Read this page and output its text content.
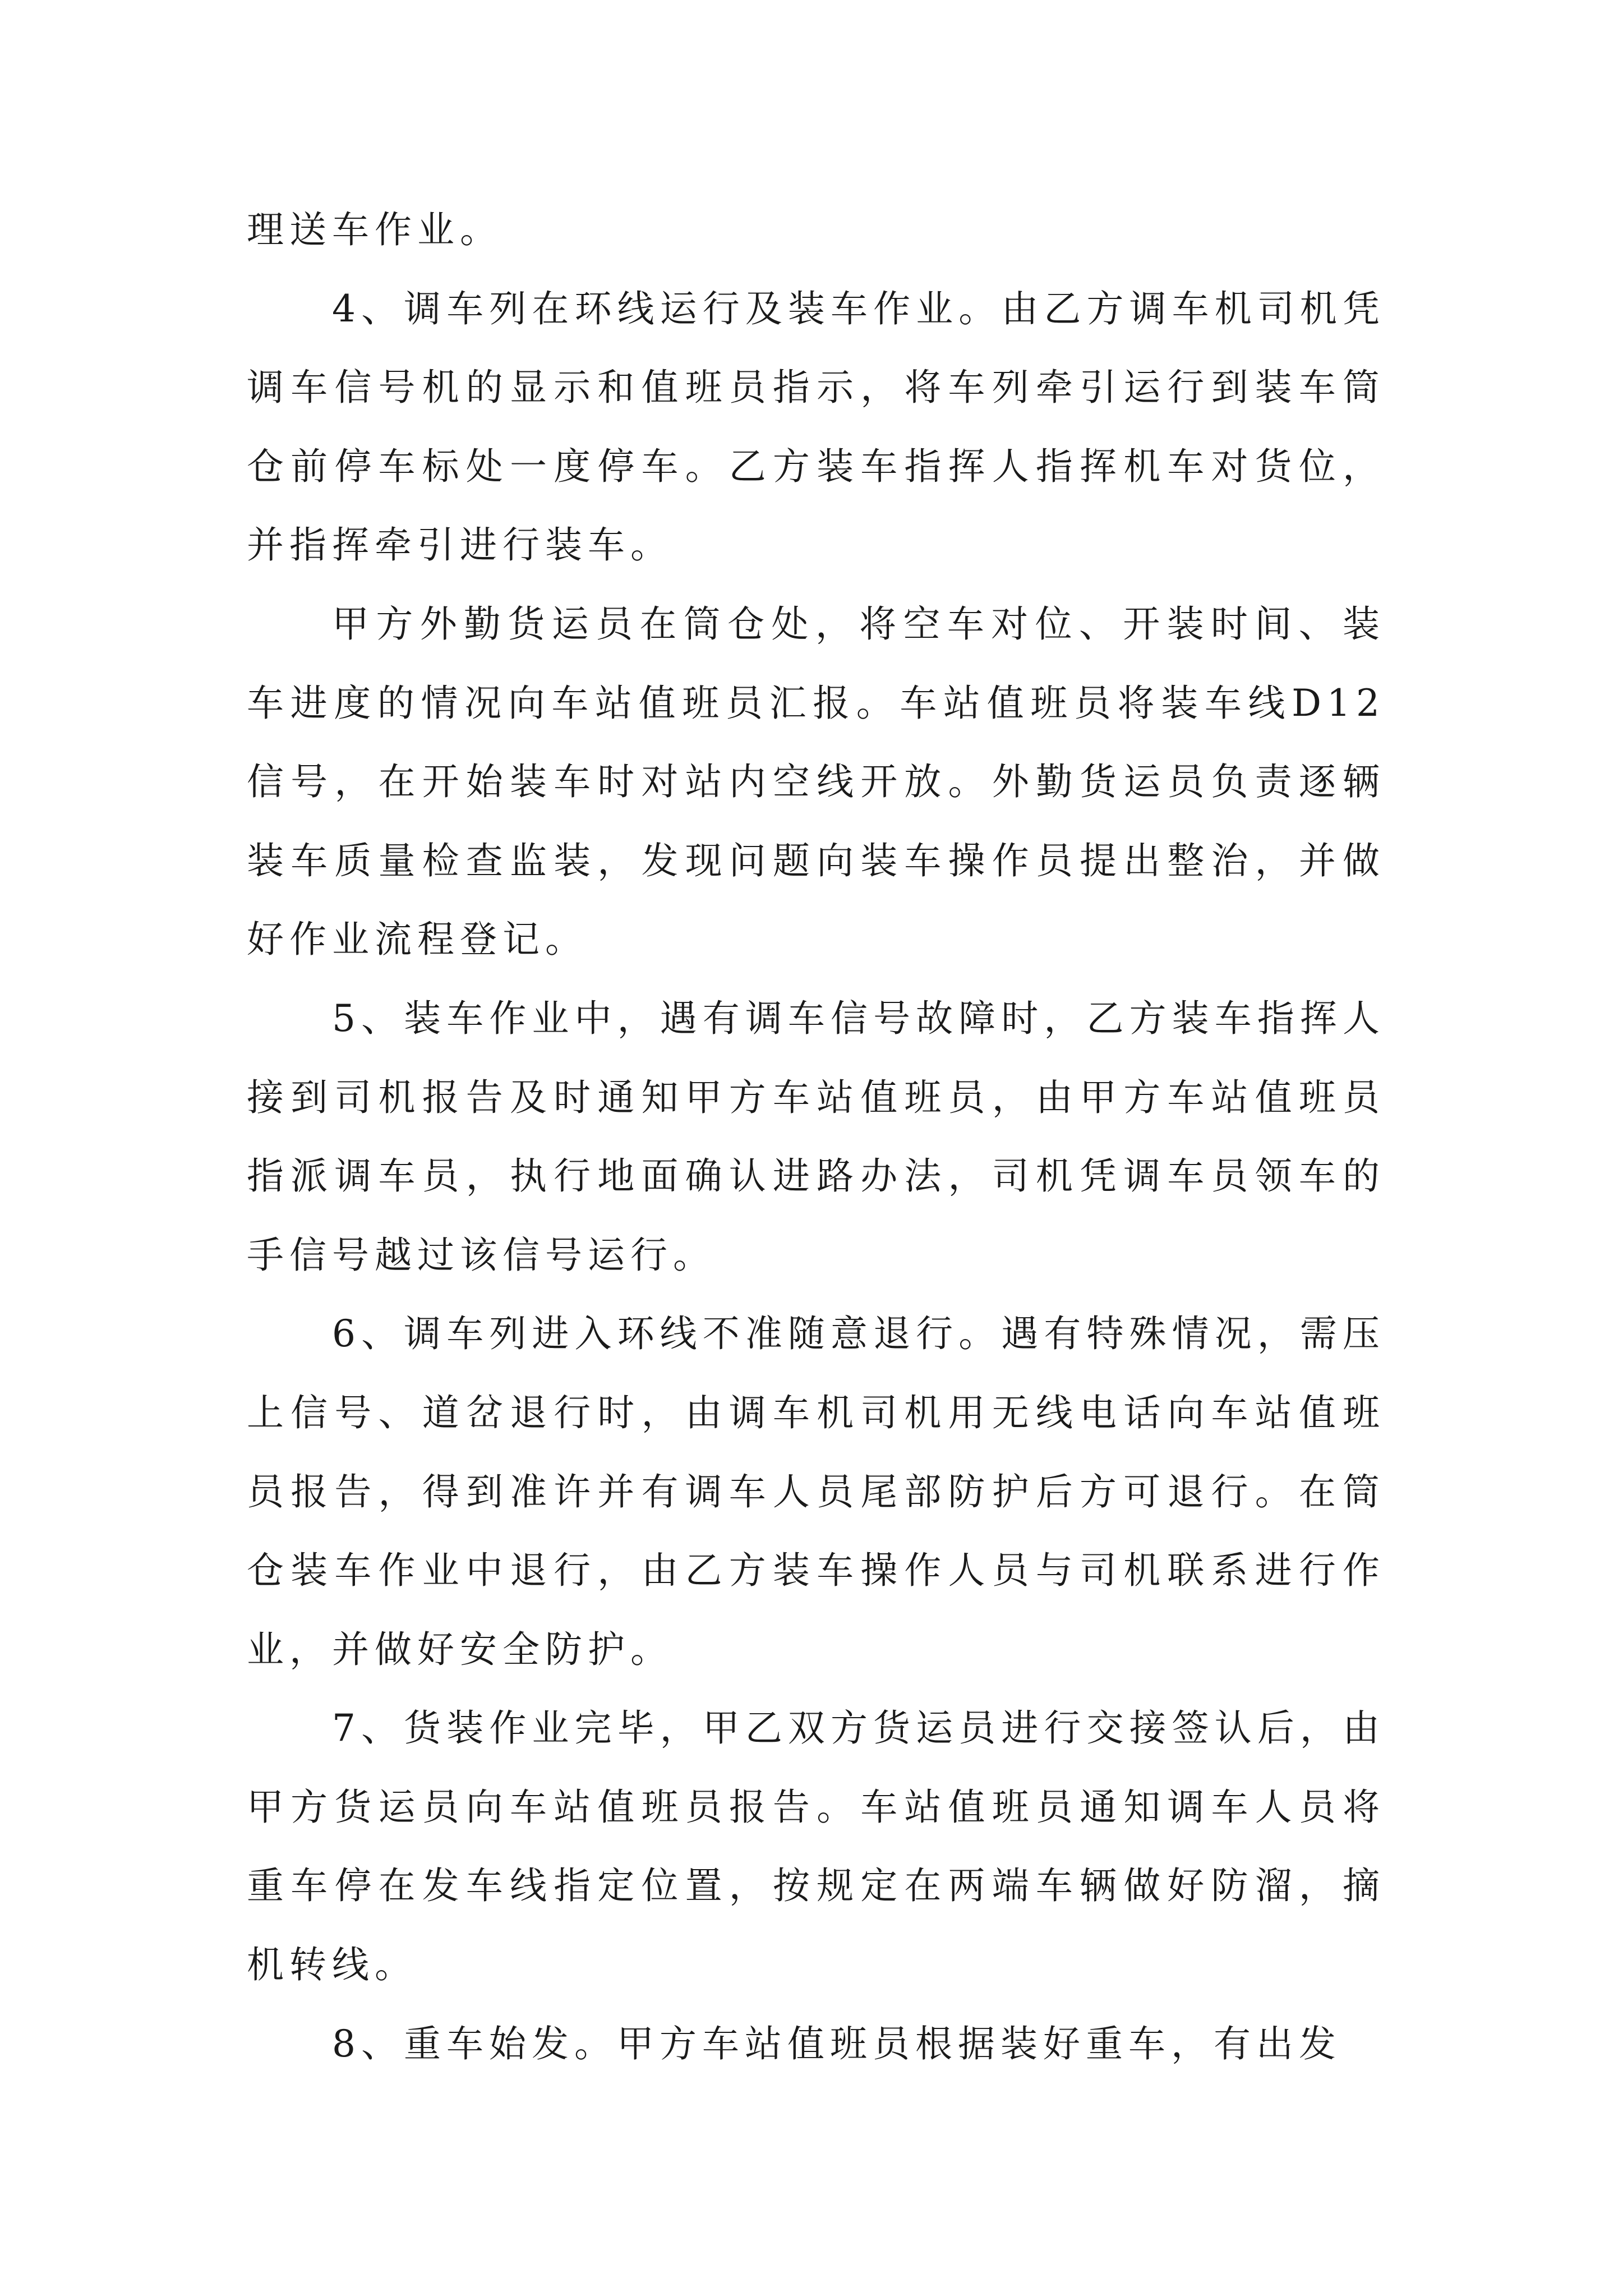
理送车作业。

4、调车列在环线运行及装车作业。由乙方调车机司机凭调车信号机的显示和值班员指示，将车列牵引运行到装车筒仓前停车标处一度停车。乙方装车指挥人指挥机车对货位，并指挥牵引进行装车。

甲方外勤货运员在筒仓处，将空车对位、开装时间、装车进度的情况向车站值班员汇报。车站值班员将装车线D12信号，在开始装车时对站内空线开放。外勤货运员负责逐辆装车质量检查监装，发现问题向装车操作员提出整治，并做好作业流程登记。

5、装车作业中，遇有调车信号故障时，乙方装车指挥人接到司机报告及时通知甲方车站值班员，由甲方车站值班员指派调车员，执行地面确认进路办法，司机凭调车员领车的手信号越过该信号运行。

6、调车列进入环线不准随意退行。遇有特殊情况，需压上信号、道岔退行时，由调车机司机用无线电话向车站值班员报告，得到准许并有调车人员尾部防护后方可退行。在筒仓装车作业中退行，由乙方装车操作人员与司机联系进行作业，并做好安全防护。

7、货装作业完毕，甲乙双方货运员进行交接签认后，由甲方货运员向车站值班员报告。车站值班员通知调车人员将重车停在发车线指定位置，按规定在两端车辆做好防溜，摘机转线。

8、重车始发。甲方车站值班员根据装好重车，有出发
